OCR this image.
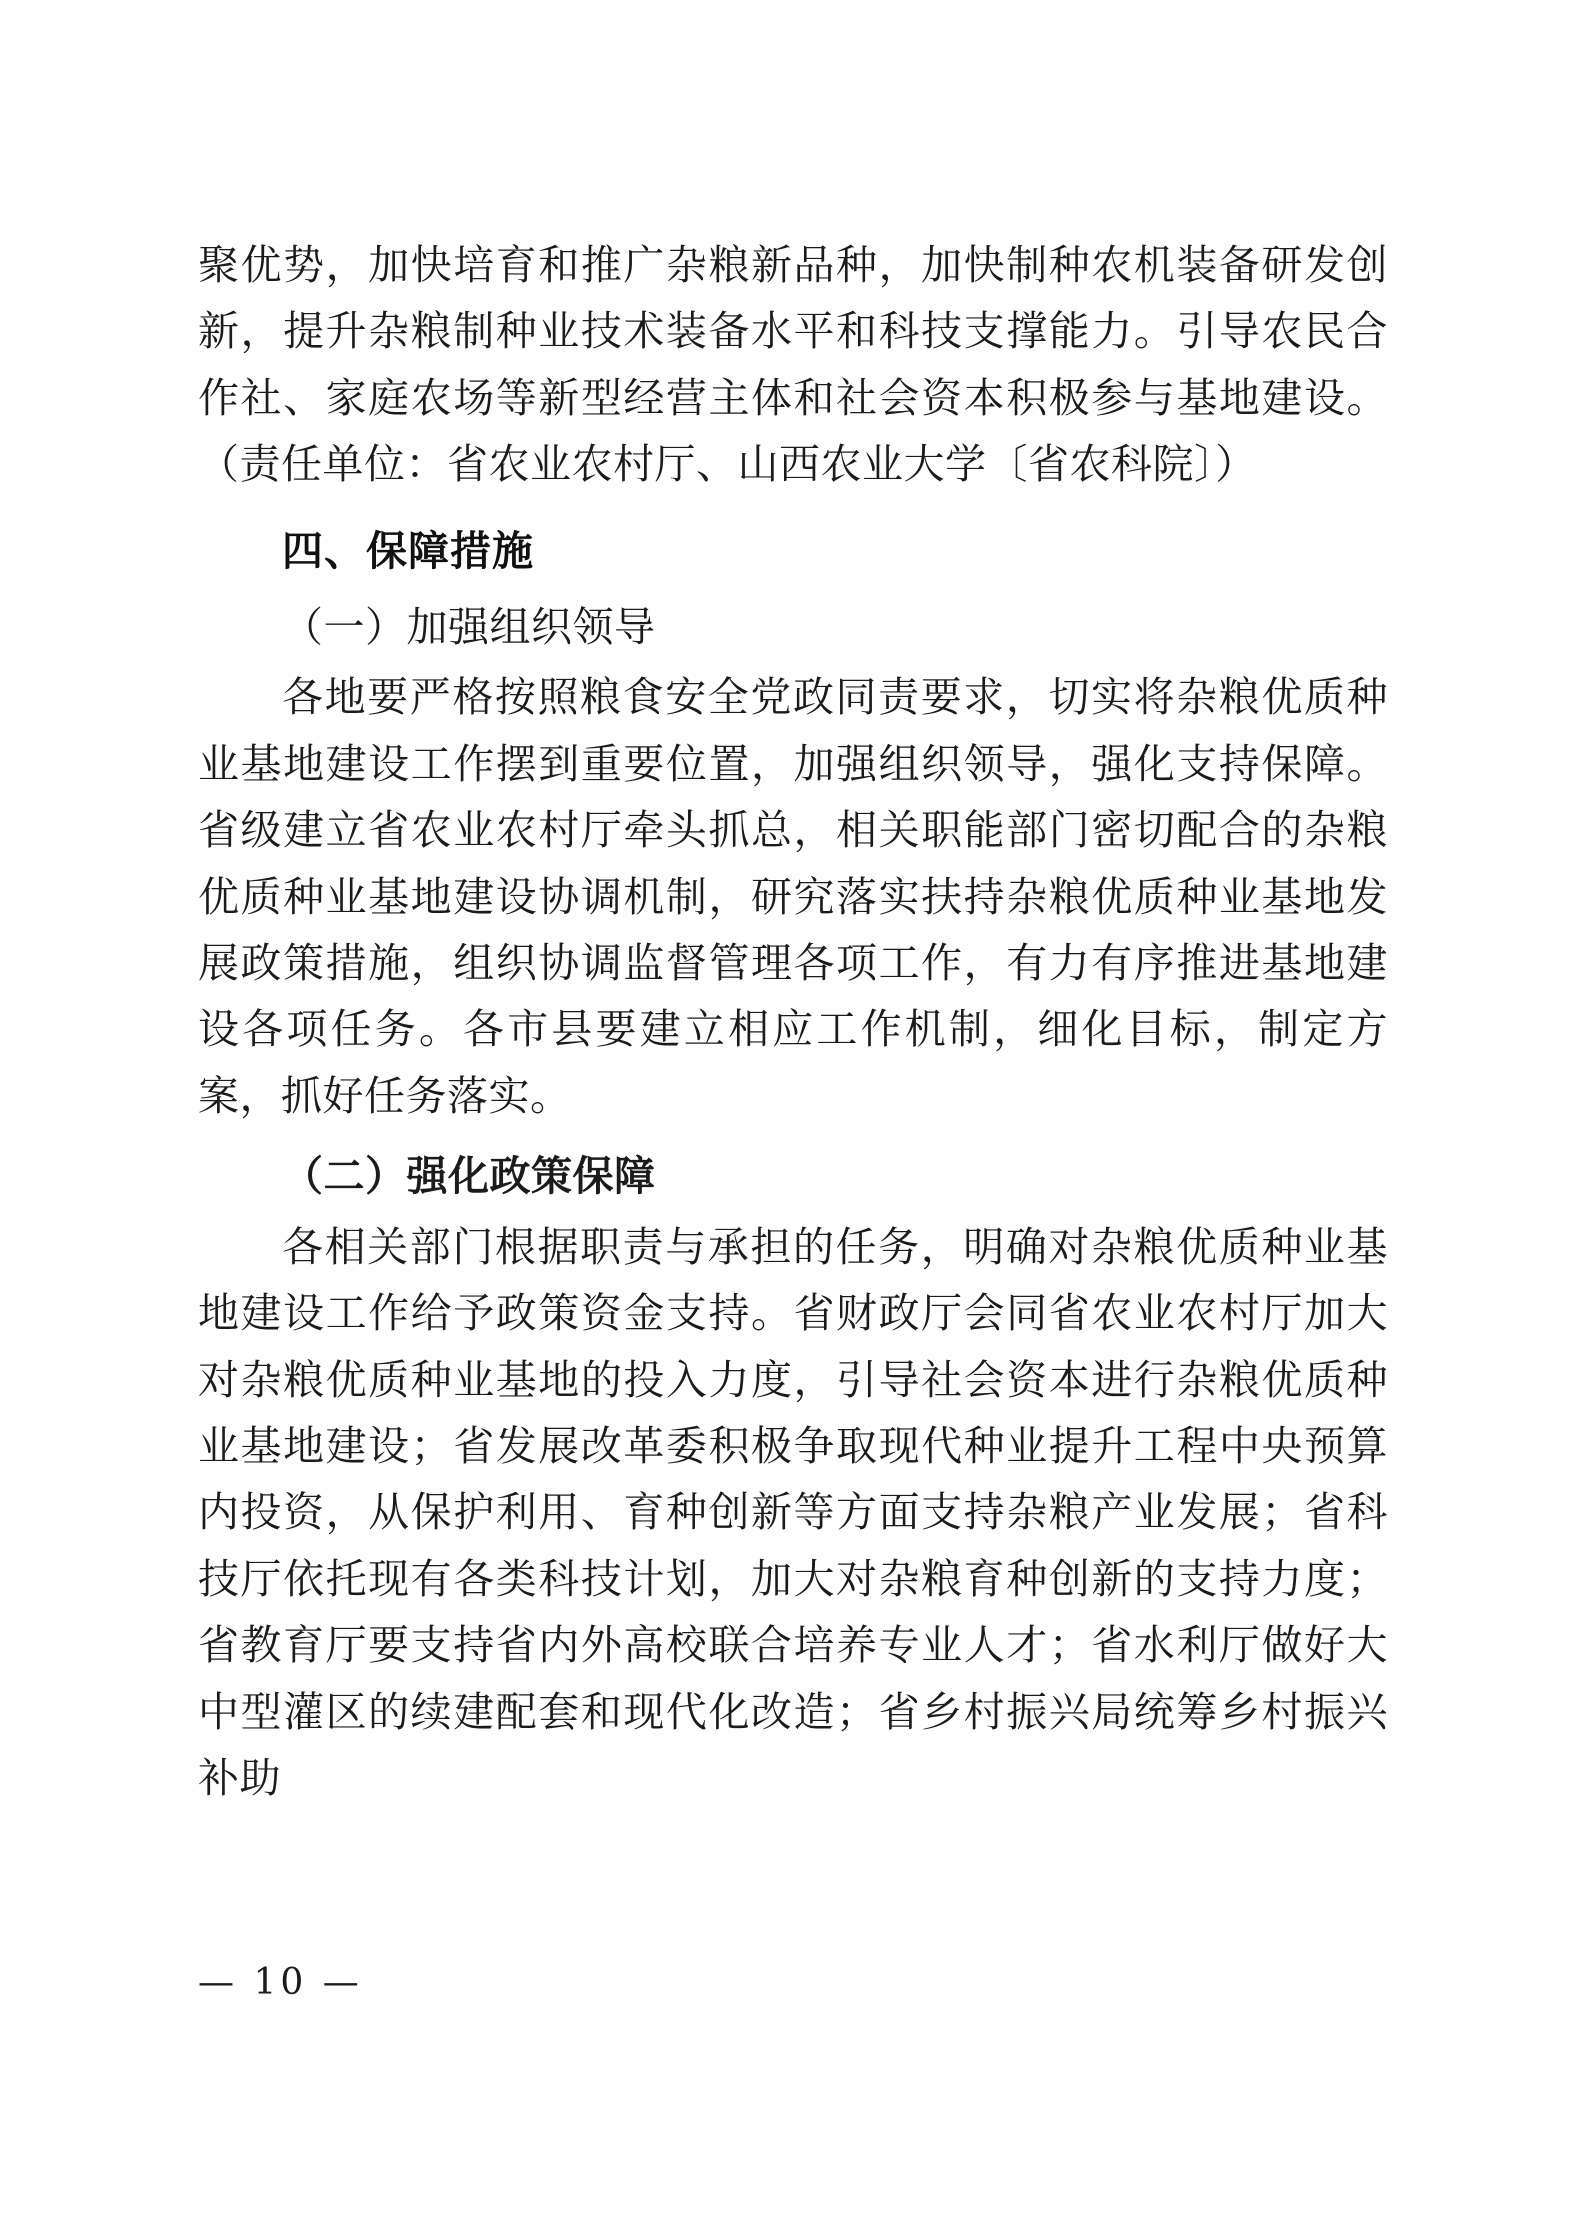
聚优势，加快培育和推广杂粮新品种，加快制种农机装备研发创新，提升杂粮制种业技术装备水平和科技支撑能力。引导农民合作社、家庭农场等新型经营主体和社会资本积极参与基地建设。（责任单位：省农业农村厅、山西农业大学〔省农科院〕）

四、保障措施

（一）加强组织领导

各地要严格按照粮食安全党政同责要求，切实将杂粮优质种业基地建设工作摆到重要位置，加强组织领导，强化支持保障。省级建立省农业农村厅牵头抓总，相关职能部门密切配合的杂粮优质种业基地建设协调机制，研究落实扶持杂粮优质种业基地发展政策措施，组织协调监督管理各项工作，有力有序推进基地建设各项任务。各市县要建立相应工作机制，细化目标，制定方案，抓好任务落实。

（二）强化政策保障

各相关部门根据职责与承担的任务，明确对杂粮优质种业基地建设工作给予政策资金支持。省财政厅会同省农业农村厅加大对杂粮优质种业基地的投入力度，引导社会资本进行杂粮优质种业基地建设；省发展改革委积极争取现代种业提升工程中央预算内投资，从保护利用、育种创新等方面支持杂粮产业发展；省科技厅依托现有各类科技计划，加大对杂粮育种创新的支持力度；省教育厅要支持省内外高校联合培养专业人才；省水利厅做好大中型灌区的续建配套和现代化改造；省乡村振兴局统筹乡村振兴补助

— 10 —
